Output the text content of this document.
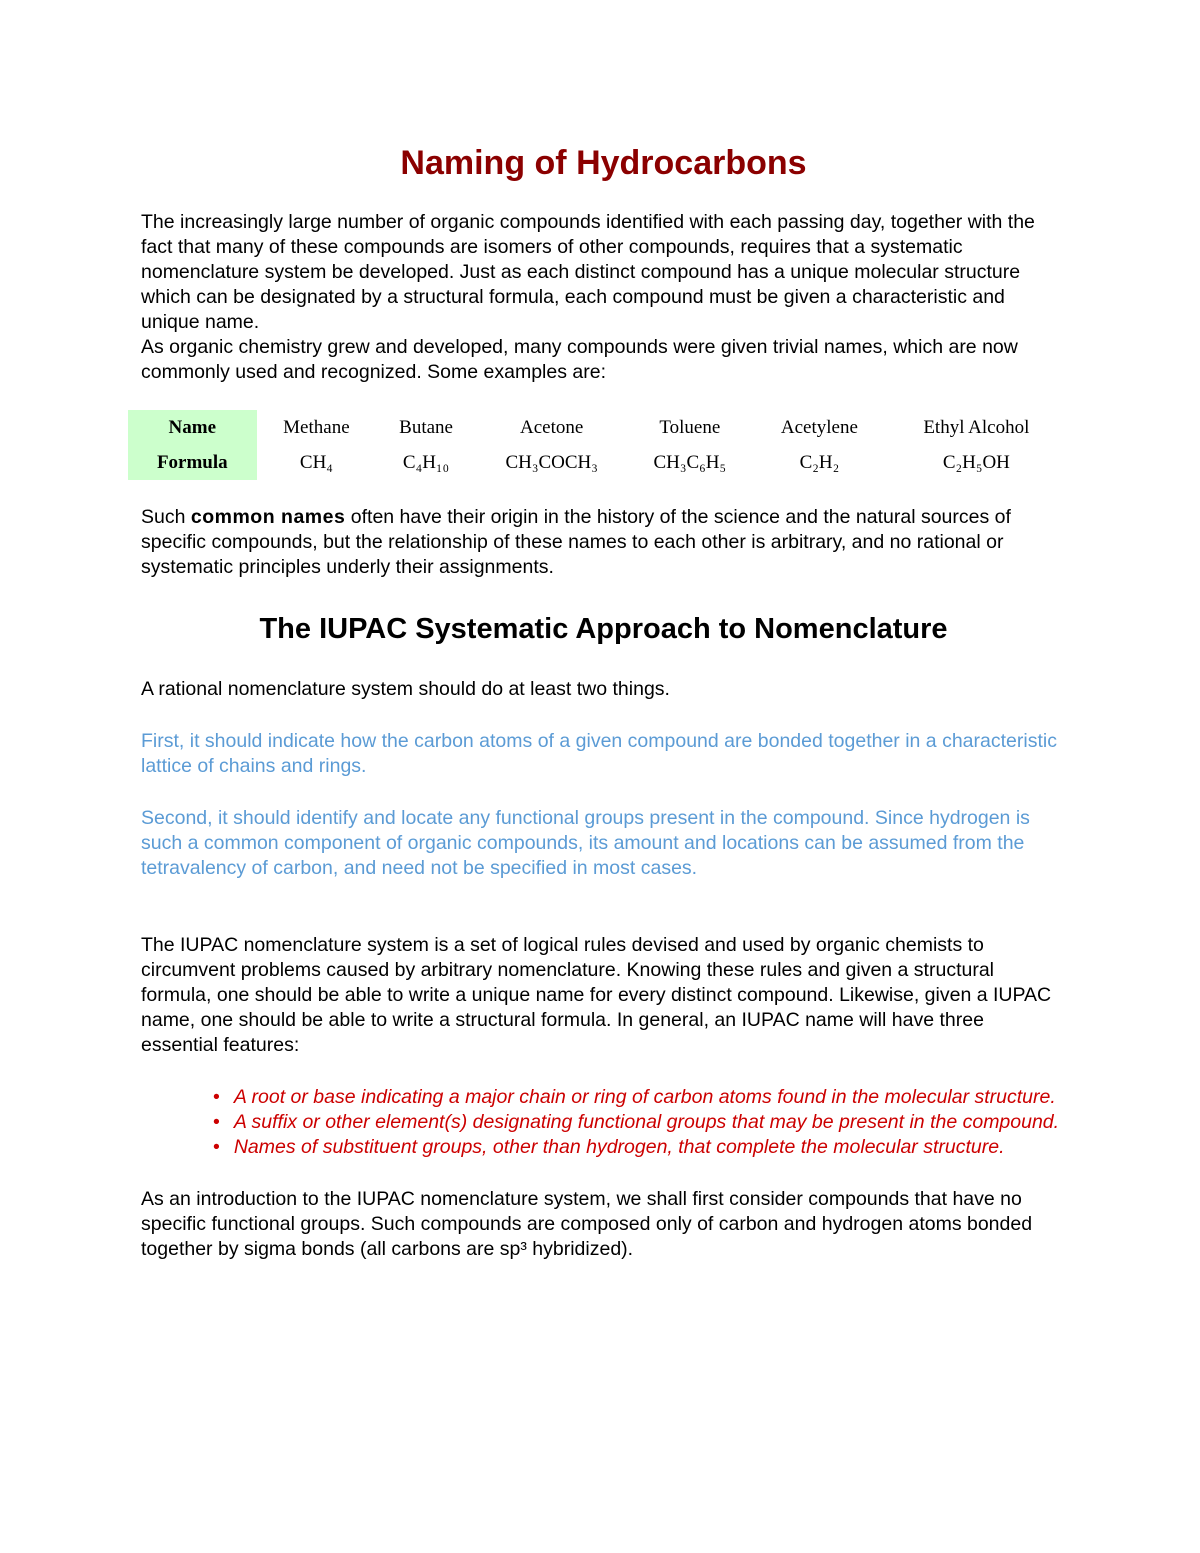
Naming of Hydrocarbons

The increasingly large number of organic compounds identified with each passing day, together with the fact that many of these compounds are isomers of other compounds, requires that a systematic nomenclature system be developed. Just as each distinct compound has a unique molecular structure which can be designated by a structural formula, each compound must be given a characteristic and unique name.

As organic chemistry grew and developed, many compounds were given trivial names, which are now commonly used and recognized. Some examples are:

Name	Methane	Butane	Acetone	Toluene	Acetylene	Ethyl Alcohol
Formula	CH₄	C₄H₁₀	CH₃COCH₃	CH₃C₆H₅	C₂H₂	C₂H₅OH

Such common names often have their origin in the history of the science and the natural sources of specific compounds, but the relationship of these names to each other is arbitrary, and no rational or systematic principles underly their assignments.

The IUPAC Systematic Approach to Nomenclature

A rational nomenclature system should do at least two things.

First, it should indicate how the carbon atoms of a given compound are bonded together in a characteristic lattice of chains and rings.

Second, it should identify and locate any functional groups present in the compound. Since hydrogen is such a common component of organic compounds, its amount and locations can be assumed from the tetravalency of carbon, and need not be specified in most cases.

The IUPAC nomenclature system is a set of logical rules devised and used by organic chemists to circumvent problems caused by arbitrary nomenclature. Knowing these rules and given a structural formula, one should be able to write a unique name for every distinct compound. Likewise, given a IUPAC name, one should be able to write a structural formula. In general, an IUPAC name will have three essential features:

• A root or base indicating a major chain or ring of carbon atoms found in the molecular structure.
• A suffix or other element(s) designating functional groups that may be present in the compound.
• Names of substituent groups, other than hydrogen, that complete the molecular structure.

As an introduction to the IUPAC nomenclature system, we shall first consider compounds that have no specific functional groups. Such compounds are composed only of carbon and hydrogen atoms bonded together by sigma bonds (all carbons are sp³ hybridized).
